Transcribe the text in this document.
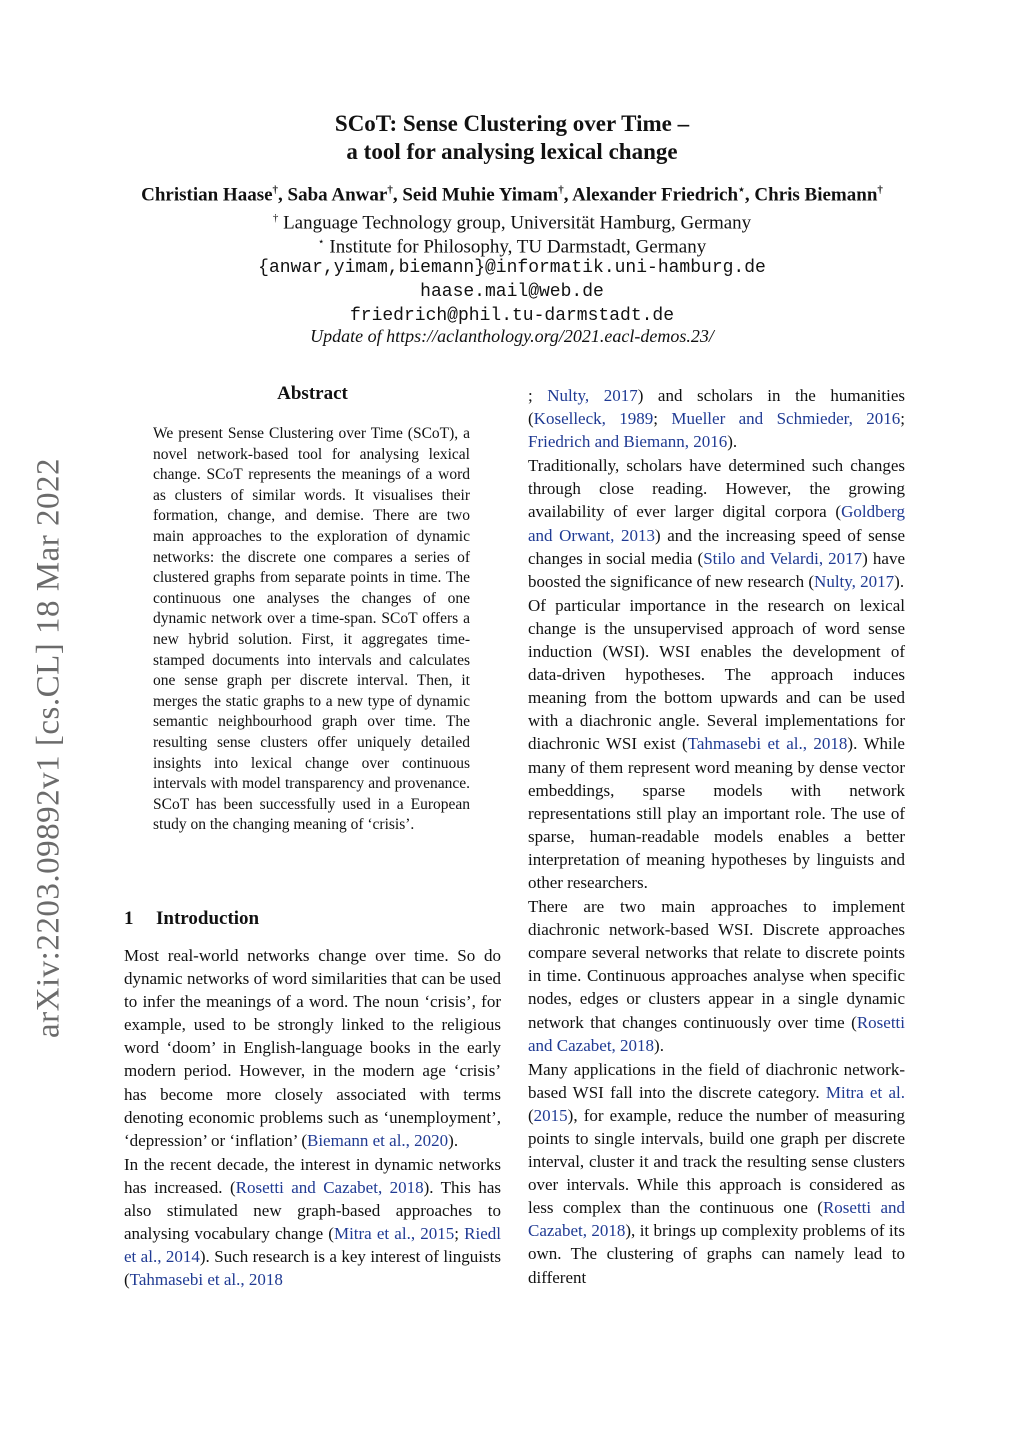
arXiv:2203.09892v1 [cs.CL] 18 Mar 2022
SCoT: Sense Clustering over Time –
a tool for analysing lexical change
Christian Haase†, Saba Anwar†, Seid Muhie Yimam†, Alexander Friedrich⋆, Chris Biemann†
† Language Technology group, Universität Hamburg, Germany
⋆ Institute for Philosophy, TU Darmstadt, Germany
{anwar,yimam,biemann}@informatik.uni-hamburg.de
haase.mail@web.de
friedrich@phil.tu-darmstadt.de
Update of https://aclanthology.org/2021.eacl-demos.23/
Abstract
We present Sense Clustering over Time (SCoT), a novel network-based tool for analysing lexical change. SCoT represents the meanings of a word as clusters of similar words. It visualises their formation, change, and demise. There are two main approaches to the exploration of dynamic networks: the discrete one compares a series of clustered graphs from separate points in time. The continuous one analyses the changes of one dynamic network over a time-span. SCoT offers a new hybrid solution. First, it aggregates time-stamped documents into intervals and calculates one sense graph per discrete interval. Then, it merges the static graphs to a new type of dynamic semantic neighbourhood graph over time. The resulting sense clusters offer uniquely detailed insights into lexical change over continuous intervals with model transparency and provenance. SCoT has been successfully used in a European study on the changing meaning of ‘crisis’.
1 Introduction

Most real-world networks change over time. So do dynamic networks of word similarities that can be used to infer the meanings of a word. The noun ‘crisis’, for example, used to be strongly linked to the religious word ‘doom’ in English-language books in the early modern period. However, in the modern age ‘crisis’ has become more closely associated with terms denoting economic problems such as ‘unemployment’, ‘depression’ or ‘inflation’ (Biemann et al., 2020).

In the recent decade, the interest in dynamic networks has increased. (Rosetti and Cazabet, 2018). This has also stimulated new graph-based approaches to analysing vocabulary change (Mitra et al., 2015; Riedl et al., 2014). Such research is a key interest of linguists (Tahmasebi et al., 2018

; Nulty, 2017) and scholars in the humanities (Koselleck, 1989; Mueller and Schmieder, 2016; Friedrich and Biemann, 2016).

Traditionally, scholars have determined such changes through close reading. However, the growing availability of ever larger digital corpora (Goldberg and Orwant, 2013) and the increasing speed of sense changes in social media (Stilo and Velardi, 2017) have boosted the significance of new research (Nulty, 2017).

Of particular importance in the research on lexical change is the unsupervised approach of word sense induction (WSI). WSI enables the development of data-driven hypotheses. The approach induces meaning from the bottom upwards and can be used with a diachronic angle. Several implementations for diachronic WSI exist (Tahmasebi et al., 2018). While many of them represent word meaning by dense vector embeddings, sparse models with network representations still play an important role. The use of sparse, human-readable models enables a better interpretation of meaning hypotheses by linguists and other researchers.

There are two main approaches to implement diachronic network-based WSI. Discrete approaches compare several networks that relate to discrete points in time. Continuous approaches analyse when specific nodes, edges or clusters appear in a single dynamic network that changes continuously over time (Rosetti and Cazabet, 2018).

Many applications in the field of diachronic network-based WSI fall into the discrete category. Mitra et al. (2015), for example, reduce the number of measuring points to single intervals, build one graph per discrete interval, cluster it and track the resulting sense clusters over intervals. While this approach is considered as less complex than the continuous one (Rosetti and Cazabet, 2018), it brings up complexity problems of its own. The clustering of graphs can namely lead to different
